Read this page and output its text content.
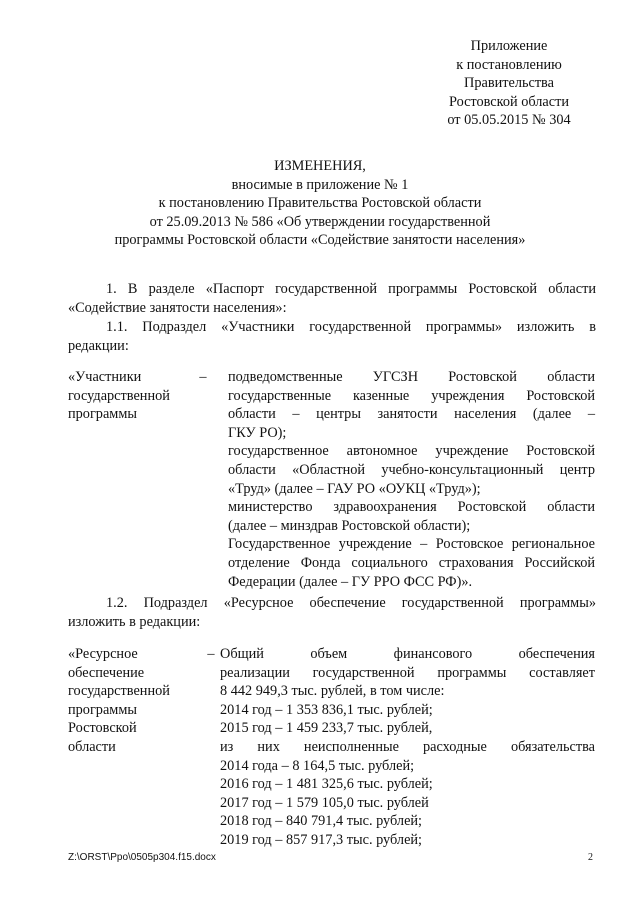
Приложение
к постановлению
Правительства
Ростовской области
от 05.05.2015 № 304
ИЗМЕНЕНИЯ,
вносимые в приложение № 1
к постановлению Правительства Ростовской области
от 25.09.2013 № 586 «Об утверждении государственной
программы Ростовской области «Содействие занятости населения»
1. В разделе «Паспорт государственной программы Ростовской области
«Содействие занятости населения»:
1.1. Подраздел «Участники государственной программы» изложить в
редакции:
«Участники
государственной
программы
– подведомственные УГСЗН Ростовской области
государственные казенные учреждения Ростовской
области – центры занятости населения (далее –
ГКУ РО);
государственное автономное учреждение Ростовской
области «Областной учебно-консультационный центр
«Труд» (далее – ГАУ РО «ОУКЦ «Труд»);
министерство здравоохранения Ростовской области
(далее – минздрав Ростовской области);
Государственное учреждение – Ростовское региональное
отделение Фонда социального страхования Российской
Федерации (далее – ГУ РРО ФСС РФ)».
1.2. Подраздел «Ресурсное обеспечение государственной программы»
изложить в редакции:
«Ресурсное
обеспечение
государственной
программы
Ростовской
области
– Общий объем финансового обеспечения
реализации государственной программы составляет
8 442 949,3 тыс. рублей, в том числе:
2014 год – 1 353 836,1 тыс. рублей;
2015 год – 1 459 233,7 тыс. рублей,
из них неисполненные расходные обязательства
2014 года – 8 164,5 тыс. рублей;
2016 год – 1 481 325,6 тыс. рублей;
2017 год – 1 579 105,0 тыс. рублей
2018 год – 840 791,4 тыс. рублей;
2019 год – 857 917,3 тыс. рублей;
Z:\ORST\Ppo\0505p304.f15.docx	2
